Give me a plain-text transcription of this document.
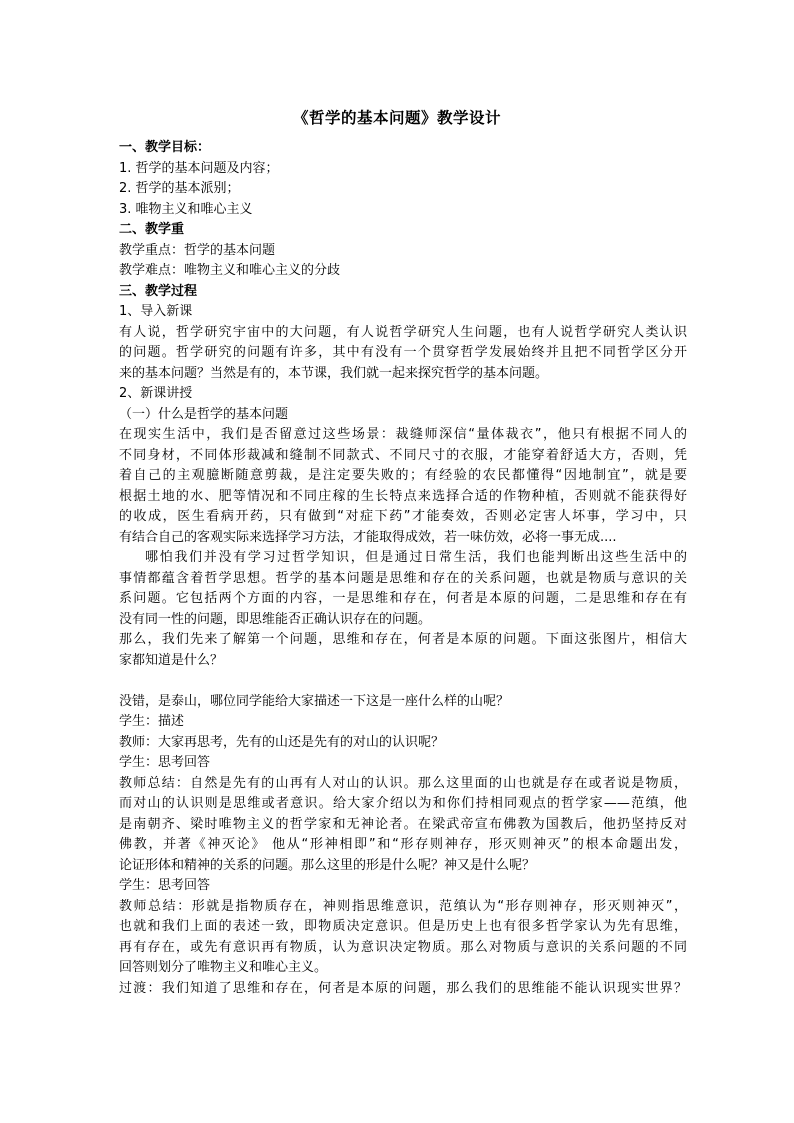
《哲学的基本问题》教学设计
一、教学目标：
1. 哲学的基本问题及内容；
2. 哲学的基本派别；
3. 唯物主义和唯心主义
二、教学重
教学重点：哲学的基本问题
教学难点：唯物主义和唯心主义的分歧
三、教学过程
1、导入新课
有人说，哲学研究宇宙中的大问题，有人说哲学研究人生问题，也有人说哲学研究人类认识
的问题。哲学研究的问题有许多，其中有没有一个贯穿哲学发展始终并且把不同哲学区分开
来的基本问题？当然是有的，本节课，我们就一起来探究哲学的基本问题。
2、新课讲授
（一）什么是哲学的基本问题
在现实生活中，我们是否留意过这些场景：裁缝师深信“量体裁衣”，他只有根据不同人的
不同身材，不同体形裁减和缝制不同款式、不同尺寸的衣服，才能穿着舒适大方，否则，凭
着自己的主观臆断随意剪裁，是注定要失败的；有经验的农民都懂得“因地制宜”，就是要
根据土地的水、肥等情况和不同庄稼的生长特点来选择合适的作物种植，否则就不能获得好
的收成，医生看病开药，只有做到“对症下药”才能奏效，否则必定害人坏事，学习中，只
有结合自己的客观实际来选择学习方法，才能取得成效，若一味仿效，必将一事无成....
哪怕我们并没有学习过哲学知识，但是通过日常生活，我们也能判断出这些生活中的
事情都蕴含着哲学思想。哲学的基本问题是思维和存在的关系问题，也就是物质与意识的关
系问题。它包括两个方面的内容，一是思维和存在，何者是本原的问题，二是思维和存在有
没有同一性的问题，即思维能否正确认识存在的问题。
那么，我们先来了解第一个问题，思维和存在，何者是本原的问题。下面这张图片，相信大
家都知道是什么？
没错，是泰山，哪位同学能给大家描述一下这是一座什么样的山呢？
学生：描述
教师：大家再思考，先有的山还是先有的对山的认识呢？
学生：思考回答
教师总结：自然是先有的山再有人对山的认识。那么这里面的山也就是存在或者说是物质，
而对山的认识则是思维或者意识。给大家介绍以为和你们持相同观点的哲学家——范缜，他
是南朝齐、梁时唯物主义的哲学家和无神论者。在梁武帝宣布佛教为国教后，他扔坚持反对
佛教，并著《神灭论》 他从“形神相即”和“形存则神存，形灭则神灭”的根本命题出发，
论证形体和精神的关系的问题。那么这里的形是什么呢？神又是什么呢？
学生：思考回答
教师总结：形就是指物质存在，神则指思维意识，范缜认为“形存则神存，形灭则神灭”，
也就和我们上面的表述一致，即物质决定意识。但是历史上也有很多哲学家认为先有思维，
再有存在，或先有意识再有物质，认为意识决定物质。那么对物质与意识的关系问题的不同
回答则划分了唯物主义和唯心主义。
过渡：我们知道了思维和存在，何者是本原的问题，那么我们的思维能不能认识现实世界？
